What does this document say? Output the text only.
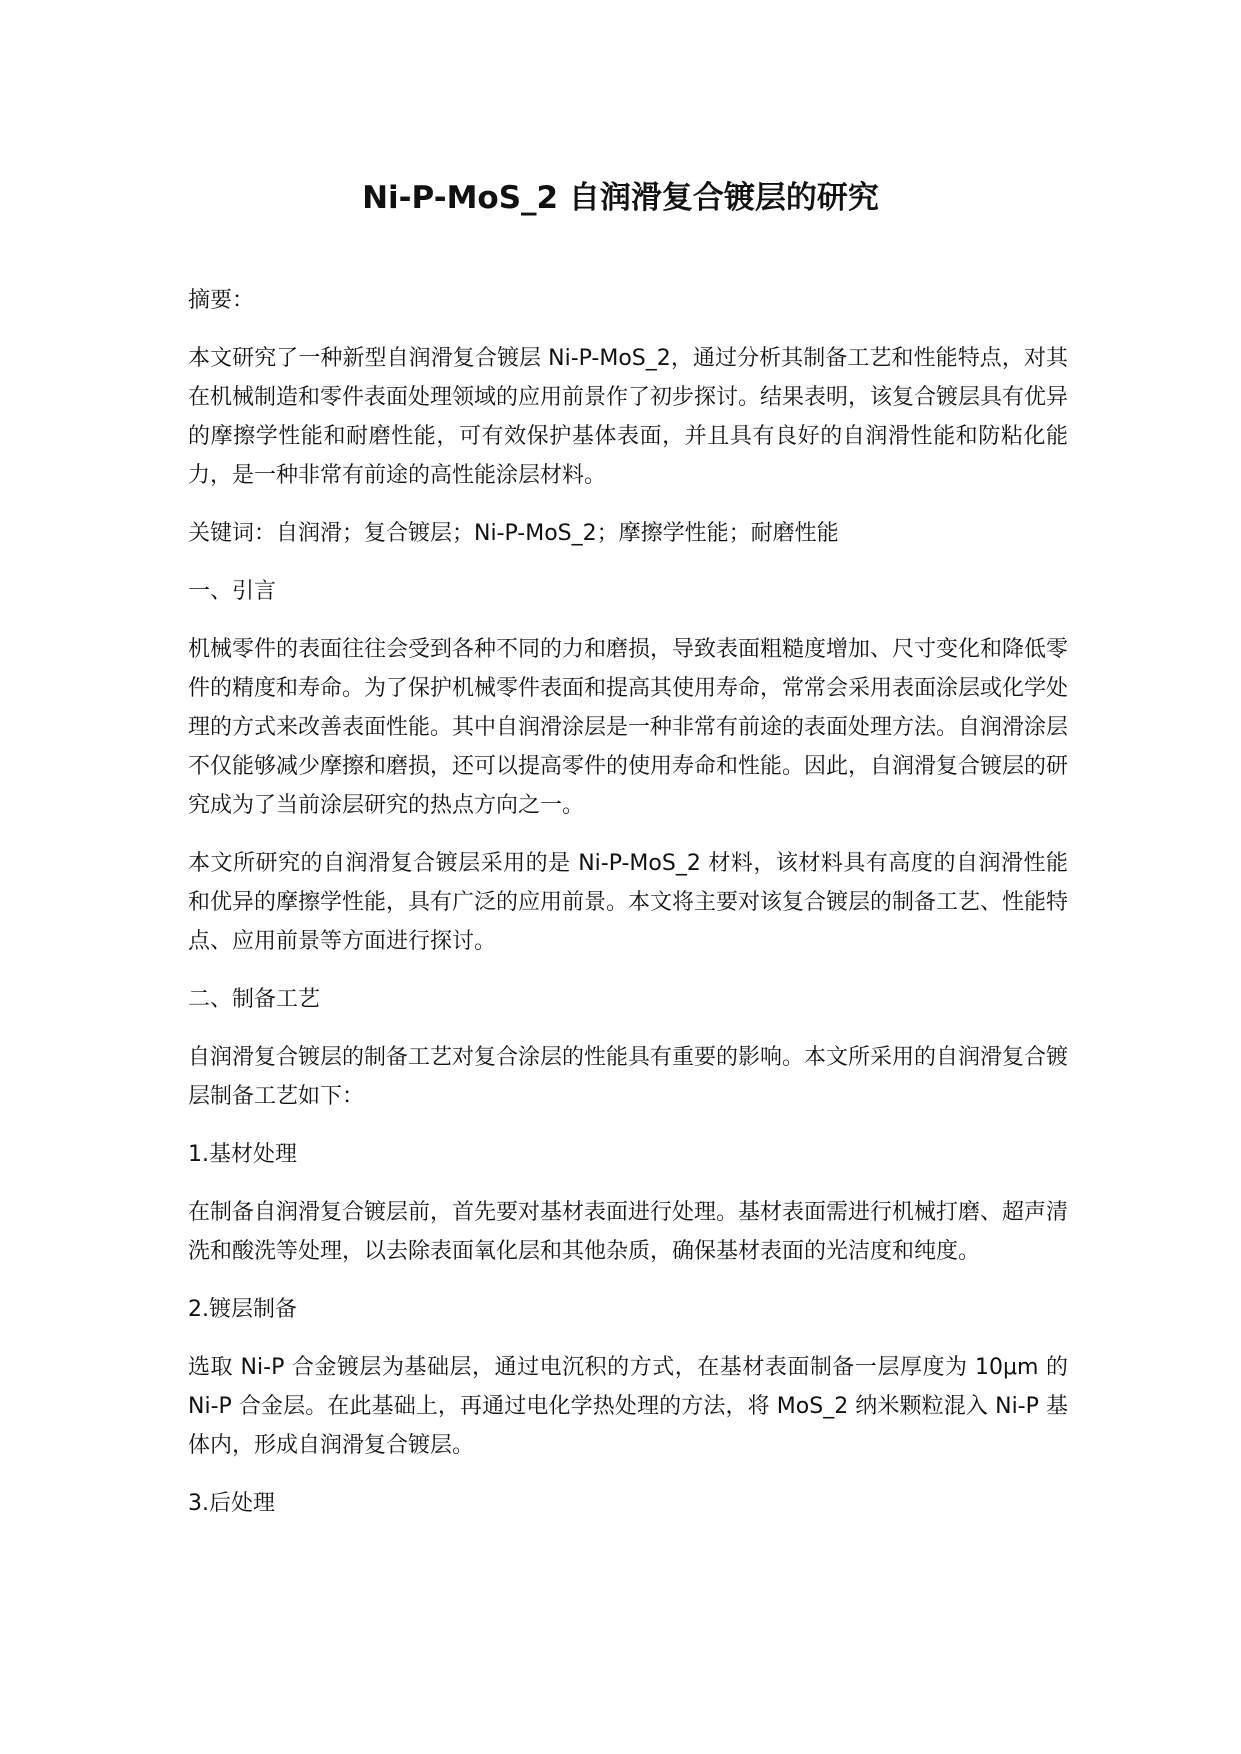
Ni-P-MoS_2 自润滑复合镀层的研究

摘要：

本文研究了一种新型自润滑复合镀层 Ni-P-MoS_2，通过分析其制备工艺和性能特点，对其在机械制造和零件表面处理领域的应用前景作了初步探讨。结果表明，该复合镀层具有优异的摩擦学性能和耐磨性能，可有效保护基体表面，并且具有良好的自润滑性能和防粘化能力，是一种非常有前途的高性能涂层材料。

关键词：自润滑；复合镀层；Ni-P-MoS_2；摩擦学性能；耐磨性能

一、引言

机械零件的表面往往会受到各种不同的力和磨损，导致表面粗糙度增加、尺寸变化和降低零件的精度和寿命。为了保护机械零件表面和提高其使用寿命，常常会采用表面涂层或化学处理的方式来改善表面性能。其中自润滑涂层是一种非常有前途的表面处理方法。自润滑涂层不仅能够减少摩擦和磨损，还可以提高零件的使用寿命和性能。因此，自润滑复合镀层的研究成为了当前涂层研究的热点方向之一。

本文所研究的自润滑复合镀层采用的是 Ni-P-MoS_2 材料，该材料具有高度的自润滑性能和优异的摩擦学性能，具有广泛的应用前景。本文将主要对该复合镀层的制备工艺、性能特点、应用前景等方面进行探讨。

二、制备工艺

自润滑复合镀层的制备工艺对复合涂层的性能具有重要的影响。本文所采用的自润滑复合镀层制备工艺如下：

1.基材处理

在制备自润滑复合镀层前，首先要对基材表面进行处理。基材表面需进行机械打磨、超声清洗和酸洗等处理，以去除表面氧化层和其他杂质，确保基材表面的光洁度和纯度。

2.镀层制备

选取 Ni-P 合金镀层为基础层，通过电沉积的方式，在基材表面制备一层厚度为 10μm 的 Ni-P 合金层。在此基础上，再通过电化学热处理的方法，将 MoS_2 纳米颗粒混入 Ni-P 基体内，形成自润滑复合镀层。

3.后处理
